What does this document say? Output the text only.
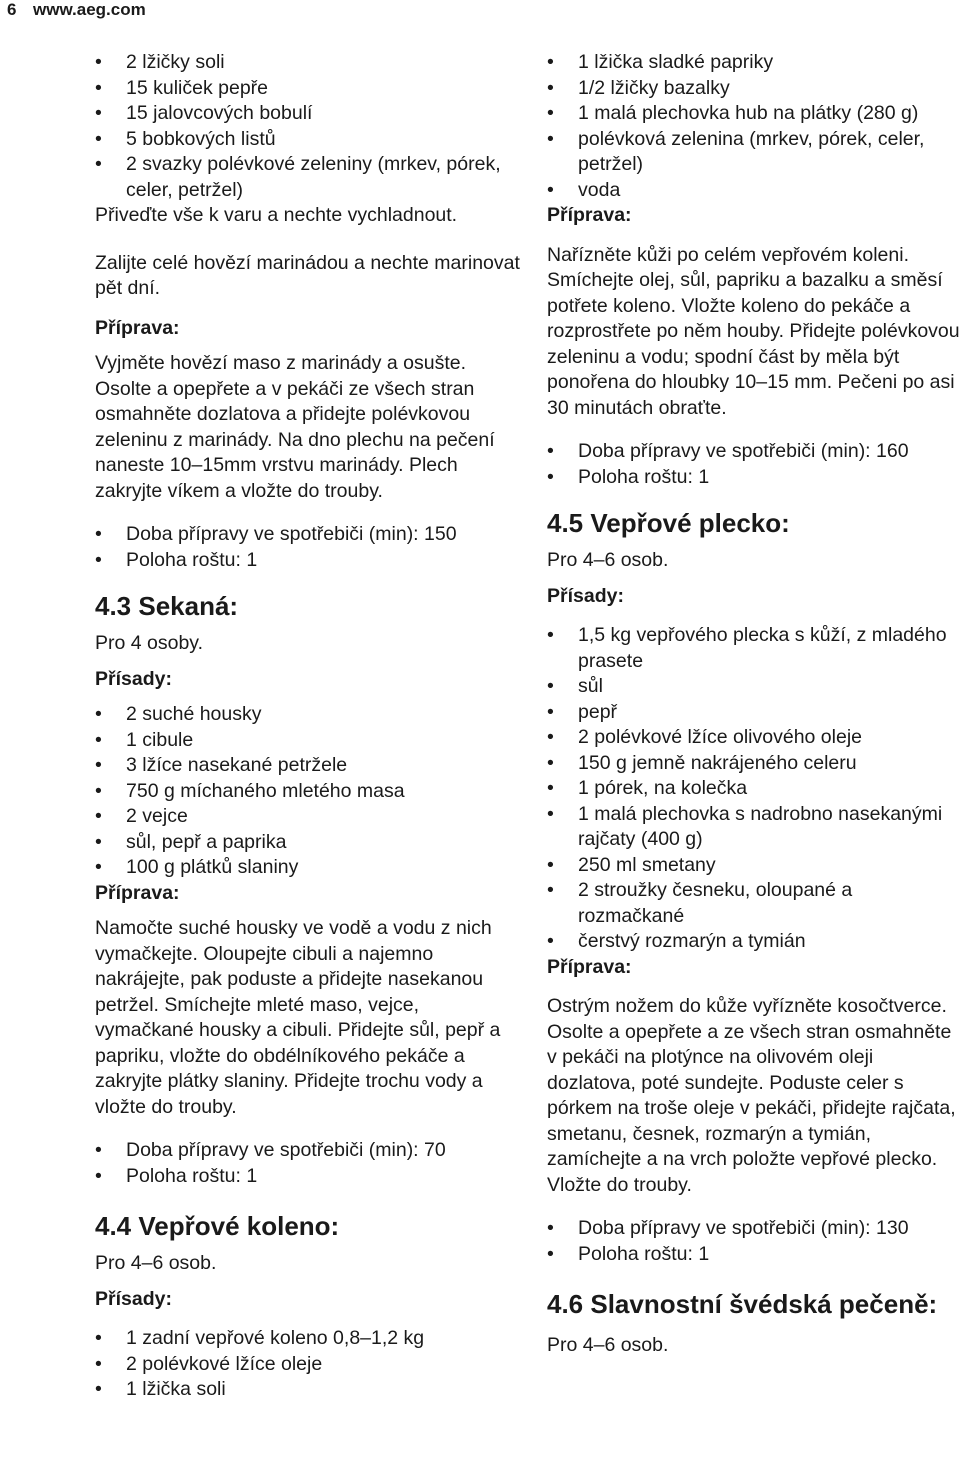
6 www.aeg.com
•	2 lžičky soli
•	15 kuliček pepře
•	15 jalovcových bobulí
•	5 bobkových listů
•	2 svazky polévkové zeleniny (mrkev, pórek, celer, petržel)

Přiveďte vše k varu a nechte vychladnout.

Zalijte celé hovězí marinádou a nechte marinovat pět dní.

Příprava:

Vyjměte hovězí maso z marinády a osušte. Osolte a opepřete a v pekáči ze všech stran osmahněte dozlatova a přidejte polévkovou zeleninu z marinády. Na dno plechu na pečení naneste 10–15mm vrstvu marinády. Plech zakryjte víkem a vložte do trouby.

•	Doba přípravy ve spotřebiči (min): 150
•	Poloha roštu: 1

4.3 Sekaná:

Pro 4 osoby.

Přísady:

•	2 suché housky
•	1 cibule
•	3 lžíce nasekané petržele
•	750 g míchaného mletého masa
•	2 vejce
•	sůl, pepř a paprika
•	100 g plátků slaniny

Příprava:

Namočte suché housky ve vodě a vodu z nich vymačkejte. Oloupejte cibuli a najemno nakrájejte, pak poduste a přidejte nasekanou petržel. Smíchejte mleté maso, vejce, vymačkané housky a cibuli. Přidejte sůl, pepř a papriku, vložte do obdélníkového pekáče a zakryjte plátky slaniny. Přidejte trochu vody a vložte do trouby.

•	Doba přípravy ve spotřebiči (min): 70
•	Poloha roštu: 1

4.4 Vepřové koleno:

Pro 4–6 osob.

Přísady:

•	1 zadní vepřové koleno 0,8–1,2 kg
•	2 polévkové lžíce oleje
•	1 lžička soli
•	1 lžička sladké papriky
•	1/2 lžičky bazalky
•	1 malá plechovka hub na plátky (280 g)
•	polévková zelenina (mrkev, pórek, celer, petržel)
•	voda

Příprava:

Nařízněte kůži po celém vepřovém koleni. Smíchejte olej, sůl, papriku a bazalku a směsí potřete koleno. Vložte koleno do pekáče a rozprostřete po něm houby. Přidejte polévkovou zeleninu a vodu; spodní část by měla být ponořena do hloubky 10–15 mm. Pečeni po asi 30 minutách obraťte.

•	Doba přípravy ve spotřebiči (min): 160
•	Poloha roštu: 1

4.5 Vepřové plecko:

Pro 4–6 osob.

Přísady:

•	1,5 kg vepřového plecka s kůží, z mladého prasete
•	sůl
•	pepř
•	2 polévkové lžíce olivového oleje
•	150 g jemně nakrájeného celeru
•	1 pórek, na kolečka
•	1 malá plechovka s nadrobno nasekanými rajčaty (400 g)
•	250 ml smetany
•	2 stroužky česneku, oloupané a rozmačkané
•	čerstvý rozmarýn a tymián

Příprava:

Ostrým nožem do kůže vyřízněte kosočtverce. Osolte a opepřete a ze všech stran osmahněte v pekáči na plotýnce na olivovém oleji dozlatova, poté sundejte. Poduste celer s pórkem na troše oleje v pekáči, přidejte rajčata, smetanu, česnek, rozmarýn a tymián, zamíchejte a na vrch položte vepřové plecko. Vložte do trouby.

•	Doba přípravy ve spotřebiči (min): 130
•	Poloha roštu: 1

4.6 Slavnostní švédská pečeně:

Pro 4–6 osob.
